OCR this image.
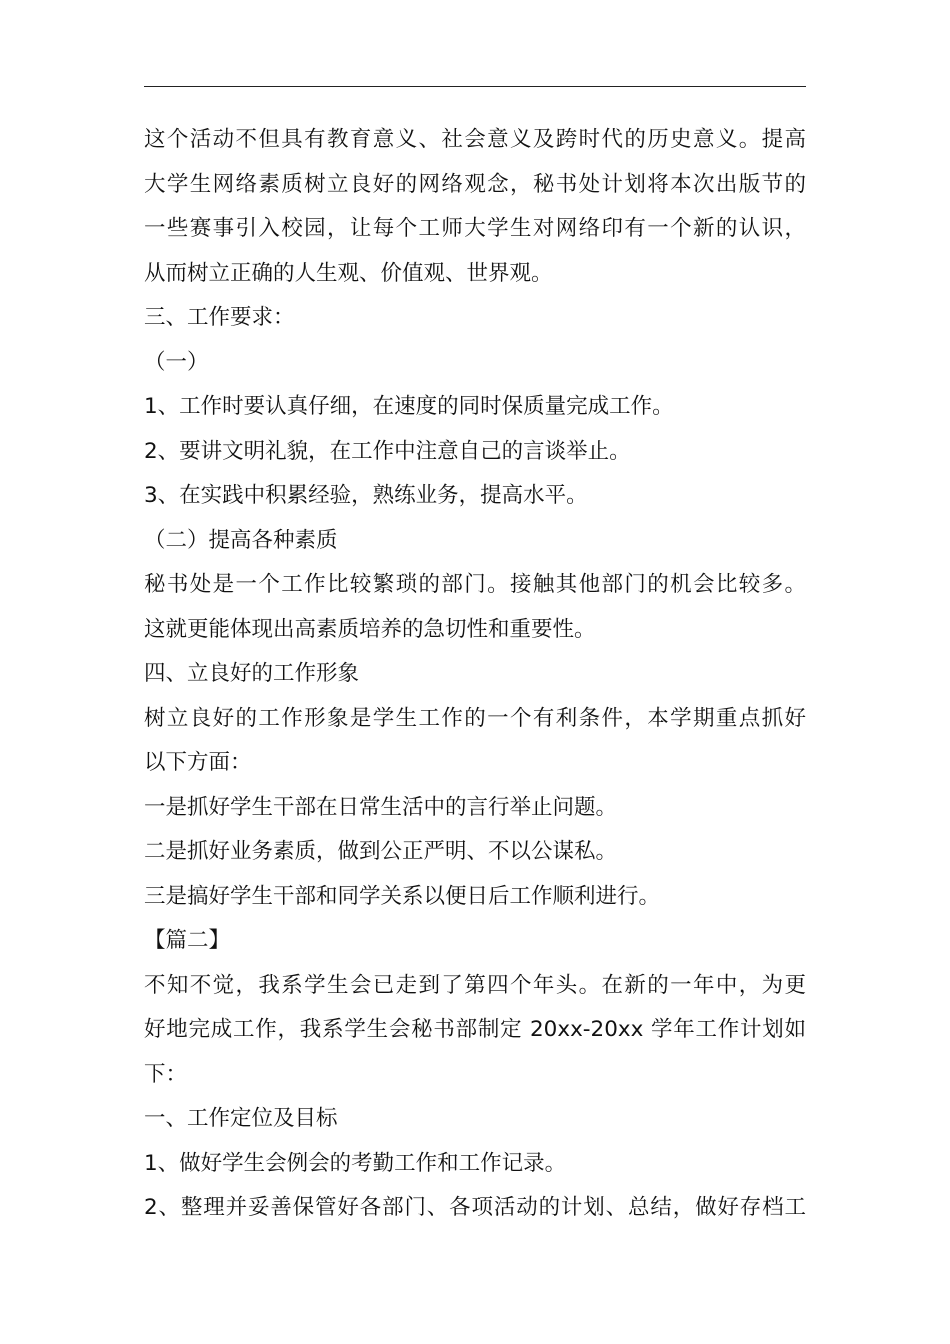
这个活动不但具有教育意义、社会意义及跨时代的历史意义。提高
大学生网络素质树立良好的网络观念，秘书处计划将本次出版节的
一些赛事引入校园，让每个工师大学生对网络印有一个新的认识，
从而树立正确的人生观、价值观、世界观。
三、工作要求：
（一）
1、工作时要认真仔细，在速度的同时保质量完成工作。
2、要讲文明礼貌，在工作中注意自己的言谈举止。
3、在实践中积累经验，熟练业务，提高水平。
（二）提高各种素质
秘书处是一个工作比较繁琐的部门。接触其他部门的机会比较多。
这就更能体现出高素质培养的急切性和重要性。
四、立良好的工作形象
树立良好的工作形象是学生工作的一个有利条件，本学期重点抓好
以下方面：
一是抓好学生干部在日常生活中的言行举止问题。
二是抓好业务素质，做到公正严明、不以公谋私。
三是搞好学生干部和同学关系以便日后工作顺利进行。
【篇二】
不知不觉，我系学生会已走到了第四个年头。在新的一年中，为更
好地完成工作，我系学生会秘书部制定 20xx-20xx 学年工作计划如
下：
一、工作定位及目标
1、做好学生会例会的考勤工作和工作记录。
2、整理并妥善保管好各部门、各项活动的计划、总结，做好存档工
